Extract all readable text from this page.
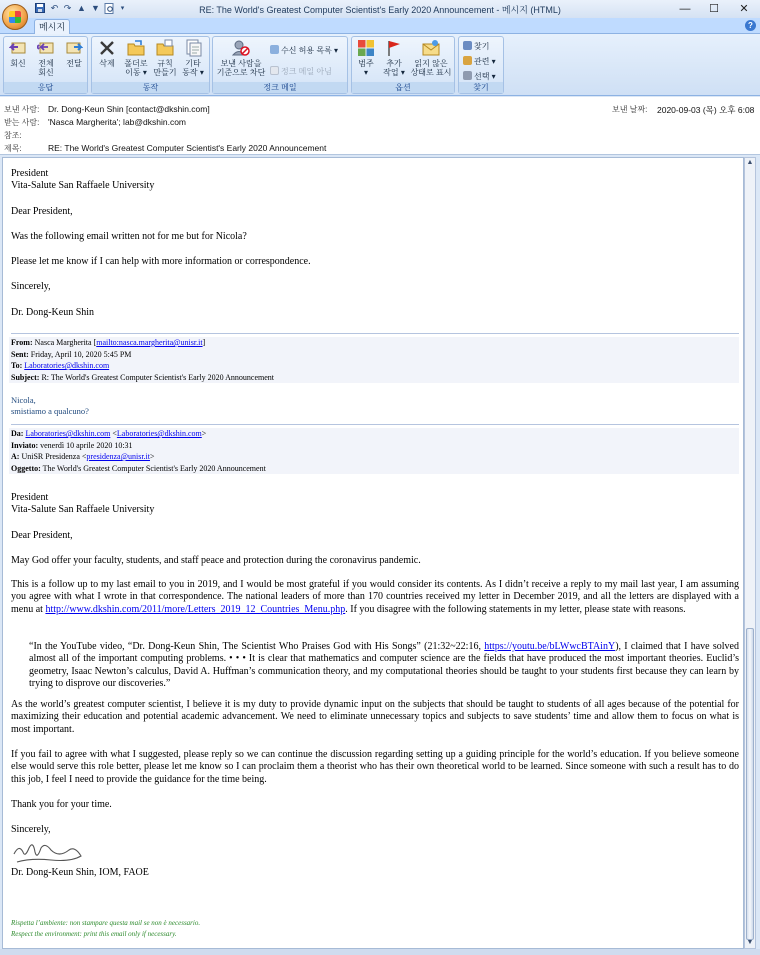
RE: The World's Greatest Computer Scientist's Early 2020 Announcement - 메시지 (HTML)
↶ ↷ ▲ ▼	▾	—	☐	✕
메시지	?
회신	전체
회신
전달
응답
삭제	폴더로
이동 ▾
규칙
만들기
기타
동작 ▾
동작
보낸 사람을
기준으로 차단
수신 허용 목록 ▾
정크 메일 아님
정크 메일
범주
▾
추가
작업 ▾
읽지 않은
상태로 표시
옵션
찾기
관련 ▾
선택 ▾
찾기
보낸 사람: Dr. Dong-Keun Shin [contact@dkshin.com]
받는 사람: 'Nasca Margherita'; lab@dkshin.com
참조:
제목:	RE: The World's Greatest Computer Scientist's Early 2020 Announcement
보낸 날짜: 2020-09-03 (목) 오후 6:08
President
Vita-Salute San Raffaele University
Dear President,
Was the following email written not for me but for Nicola?
Please let me know if I can help with more information or correspondence.
Sincerely,
Dr. Dong-Keun Shin
From: Nasca Margherita [mailto:nasca.margherita@unisr.it]
Sent: Friday, April 10, 2020 5:45 PM
To: Laboratories@dkshin.com
Subject: R: The World's Greatest Computer Scientist's Early 2020 Announcement
Nicola,
smistiamo a qualcuno?
Da: Laboratories@dkshin.com <Laboratories@dkshin.com>
Inviato: venerdì 10 aprile 2020 10:31
A: UniSR Presidenza <presidenza@unisr.it>
Oggetto: The World's Greatest Computer Scientist's Early 2020 Announcement
President
Vita-Salute San Raffaele University
Dear President,
May God offer your faculty, students, and staff peace and protection during the coronavirus pandemic.
This is a follow up to my last email to you in 2019, and I would be most grateful if you would consider its contents. As I didn’t receive a reply to my mail last year, I am assuming you agree with what I wrote in that correspondence. The national leaders of more than 170 countries received my letter in December 2019, and all the letters are displayed with a menu at http://www.dkshin.com/2011/more/Letters_2019_12_Countries_Menu.php. If you disagree with the following statements in my letter, please state with reasons.
“In the YouTube video, “Dr. Dong-Keun Shin, The Scientist Who Praises God with His Songs” (21:32~22:16, https://youtu.be/bLWwcBTAinY), I claimed that I have solved almost all of the important computing problems. • • • It is clear that mathematics and computer science are the fields that have produced the most important theories. Euclid’s geometry, Isaac Newton’s calculus, David A. Huffman’s communication theory, and my computational theories should be taught to your students first because they can learn by trying to disprove our discoveries.”
As the world’s greatest computer scientist, I believe it is my duty to provide dynamic input on the subjects that should be taught to students of all ages because of the potential for maximizing their education and potential academic advancement. We need to eliminate unnecessary topics and subjects to save students’ time and allow them to focus on what is most important.
If you fail to agree with what I suggested, please reply so we can continue the discussion regarding setting up a guiding principle for the world’s education. If you believe someone else would serve this role better, please let me know so I can proclaim them a theorist who has their own theoretical world to be learned. Since someone with such a result has to do this job, I feel I need to provide the guidance for the time being.
Thank you for your time.
Sincerely,
Dr. Dong-Keun Shin, IOM, FAOE
Rispetta l’ambiente: non stampare questa mail se non è necessario.
Respect the environment: print this email only if necessary.
▲
▼
